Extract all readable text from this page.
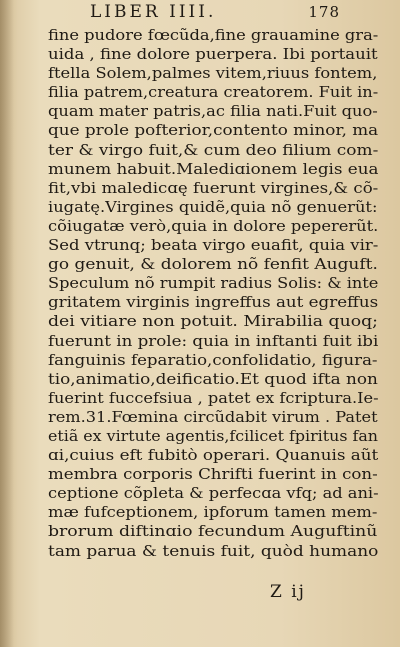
LIBER IIII.	178
fine pudore fœcũda,fine grauamine gra-
uida , fine dolore puerpera. Ibi portauit
ftella Solem,palmes vitem,riuus fontem,
filia patrem,creatura creatorem. Fuit in-
quam mater patris,ac filia nati.Fuit quo-
que prole pofterior,contento minor, ma
ter & virgo fuit,& cum deo filium com-
munem habuit.Malediɑionem legis eua
fit,vbi maledicɑę fuerunt virgines,& cõ-
iugatę.Virgines quidẽ,quia nõ genuerũt:
cõiugatæ verò,quia in dolore pepererũt.
Sed vtrunq; beata virgo euafit, quia vir-
go genuit, & dolorem nõ fenfit Auguft.
Speculum nõ rumpit radius Solis: & inte
gritatem virginis ingreffus aut egreffus
dei vitiare non potuit. Mirabilia quoq;
fuerunt in prole: quia in inftanti fuit ibi
fanguinis feparatio,confolidatio, figura-
tio,animatio,deificatio.Et quod ifta non
fuerint fuccefsiua , patet ex fcriptura.Ie-
rem.31.Fœmina circũdabit virum . Patet
etiã ex virtute agentis,fcilicet fpiritus fan
ɑi,cuius eft fubitò operari. Quanuis aũt
membra corporis Chrifti fuerint in con-
ceptione cõpleta & perfecɑa vfq; ad ani-
mæ fufceptionem, ipforum tamen mem-
brorum diftinɑio fecundum Auguftinũ
tam parua & tenuis fuit, quòd humano
Z ij
